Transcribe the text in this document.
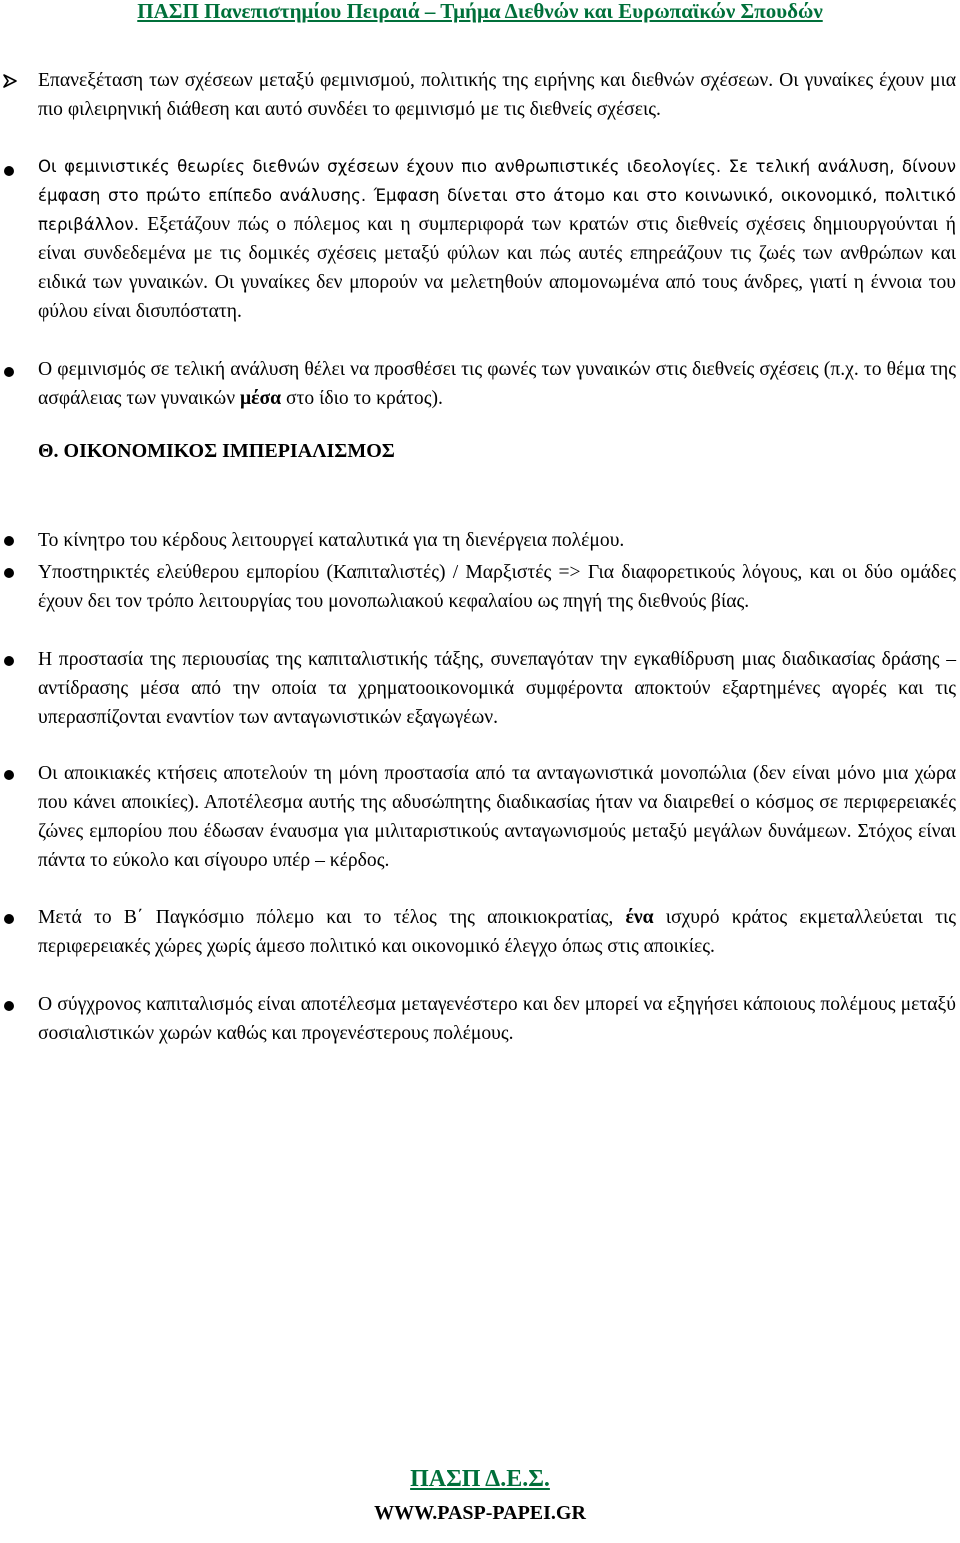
ΠΑΣΠ Πανεπιστημίου Πειραιά – Τμήμα Διεθνών και Ευρωπαϊκών Σπουδών

Επανεξέταση των σχέσεων μεταξύ φεμινισμού, πολιτικής της ειρήνης και διεθνών σχέσεων. Οι γυναίκες έχουν μια πιο φιλειρηνική διάθεση και αυτό συνδέει το φεμινισμό με τις διεθνείς σχέσεις.

Οι φεμινιστικές θεωρίες διεθνών σχέσεων έχουν πιο ανθρωπιστικές ιδεολογίες. Σε τελική ανάλυση, δίνουν έμφαση στο πρώτο επίπεδο ανάλυσης. Έμφαση δίνεται στο άτομο και στο κοινωνικό, οικονομικό, πολιτικό περιβάλλον. Εξετάζουν πώς ο πόλεμος και η συμπεριφορά των κρατών στις διεθνείς σχέσεις δημιουργούνται ή είναι συνδεδεμένα με τις δομικές σχέσεις μεταξύ φύλων και πώς αυτές επηρεάζουν τις ζωές των ανθρώπων και ειδικά των γυναικών. Οι γυναίκες δεν μπορούν να μελετηθούν απομονωμένα από τους άνδρες, γιατί η έννοια του φύλου είναι δισυπόστατη.

Ο φεμινισμός σε τελική ανάλυση θέλει να προσθέσει τις φωνές των γυναικών στις διεθνείς σχέσεις (π.χ. το θέμα της ασφάλειας των γυναικών μέσα στο ίδιο το κράτος).

Θ. ΟΙΚΟΝΟΜΙΚΟΣ ΙΜΠΕΡΙΑΛΙΣΜΟΣ

Το κίνητρο του κέρδους λειτουργεί καταλυτικά για τη διενέργεια πολέμου.

Υποστηρικτές ελεύθερου εμπορίου (Καπιταλιστές) / Μαρξιστές => Για διαφορετικούς λόγους, και οι δύο ομάδες έχουν δει τον τρόπο λειτουργίας του μονοπωλιακού κεφαλαίου ως πηγή της διεθνούς βίας.

Η προστασία της περιουσίας της καπιταλιστικής τάξης, συνεπαγόταν την εγκαθίδρυση μιας διαδικασίας δράσης – αντίδρασης μέσα από την οποία τα χρηματοοικονομικά συμφέροντα αποκτούν εξαρτημένες αγορές και τις υπερασπίζονται εναντίον των ανταγωνιστικών εξαγωγέων.

Οι αποικιακές κτήσεις αποτελούν τη μόνη προστασία από τα ανταγωνιστικά μονοπώλια (δεν είναι μόνο μια χώρα που κάνει αποικίες). Αποτέλεσμα αυτής της αδυσώπητης διαδικασίας ήταν να διαιρεθεί ο κόσμος σε περιφερειακές ζώνες εμπορίου που έδωσαν έναυσμα για μιλιταριστικούς ανταγωνισμούς μεταξύ μεγάλων δυνάμεων. Στόχος είναι πάντα το εύκολο και σίγουρο υπέρ – κέρδος.

Μετά το Β΄ Παγκόσμιο πόλεμο και το τέλος της αποικιοκρατίας, ένα ισχυρό κράτος εκμεταλλεύεται τις περιφερειακές χώρες χωρίς άμεσο πολιτικό και οικονομικό έλεγχο όπως στις αποικίες.

Ο σύγχρονος καπιταλισμός είναι αποτέλεσμα μεταγενέστερο και δεν μπορεί να εξηγήσει κάποιους πολέμους μεταξύ σοσιαλιστικών χωρών καθώς και προγενέστερους πολέμους.

ΠΑΣΠ Δ.Ε.Σ.
WWW.PASP-PAPEI.GR
